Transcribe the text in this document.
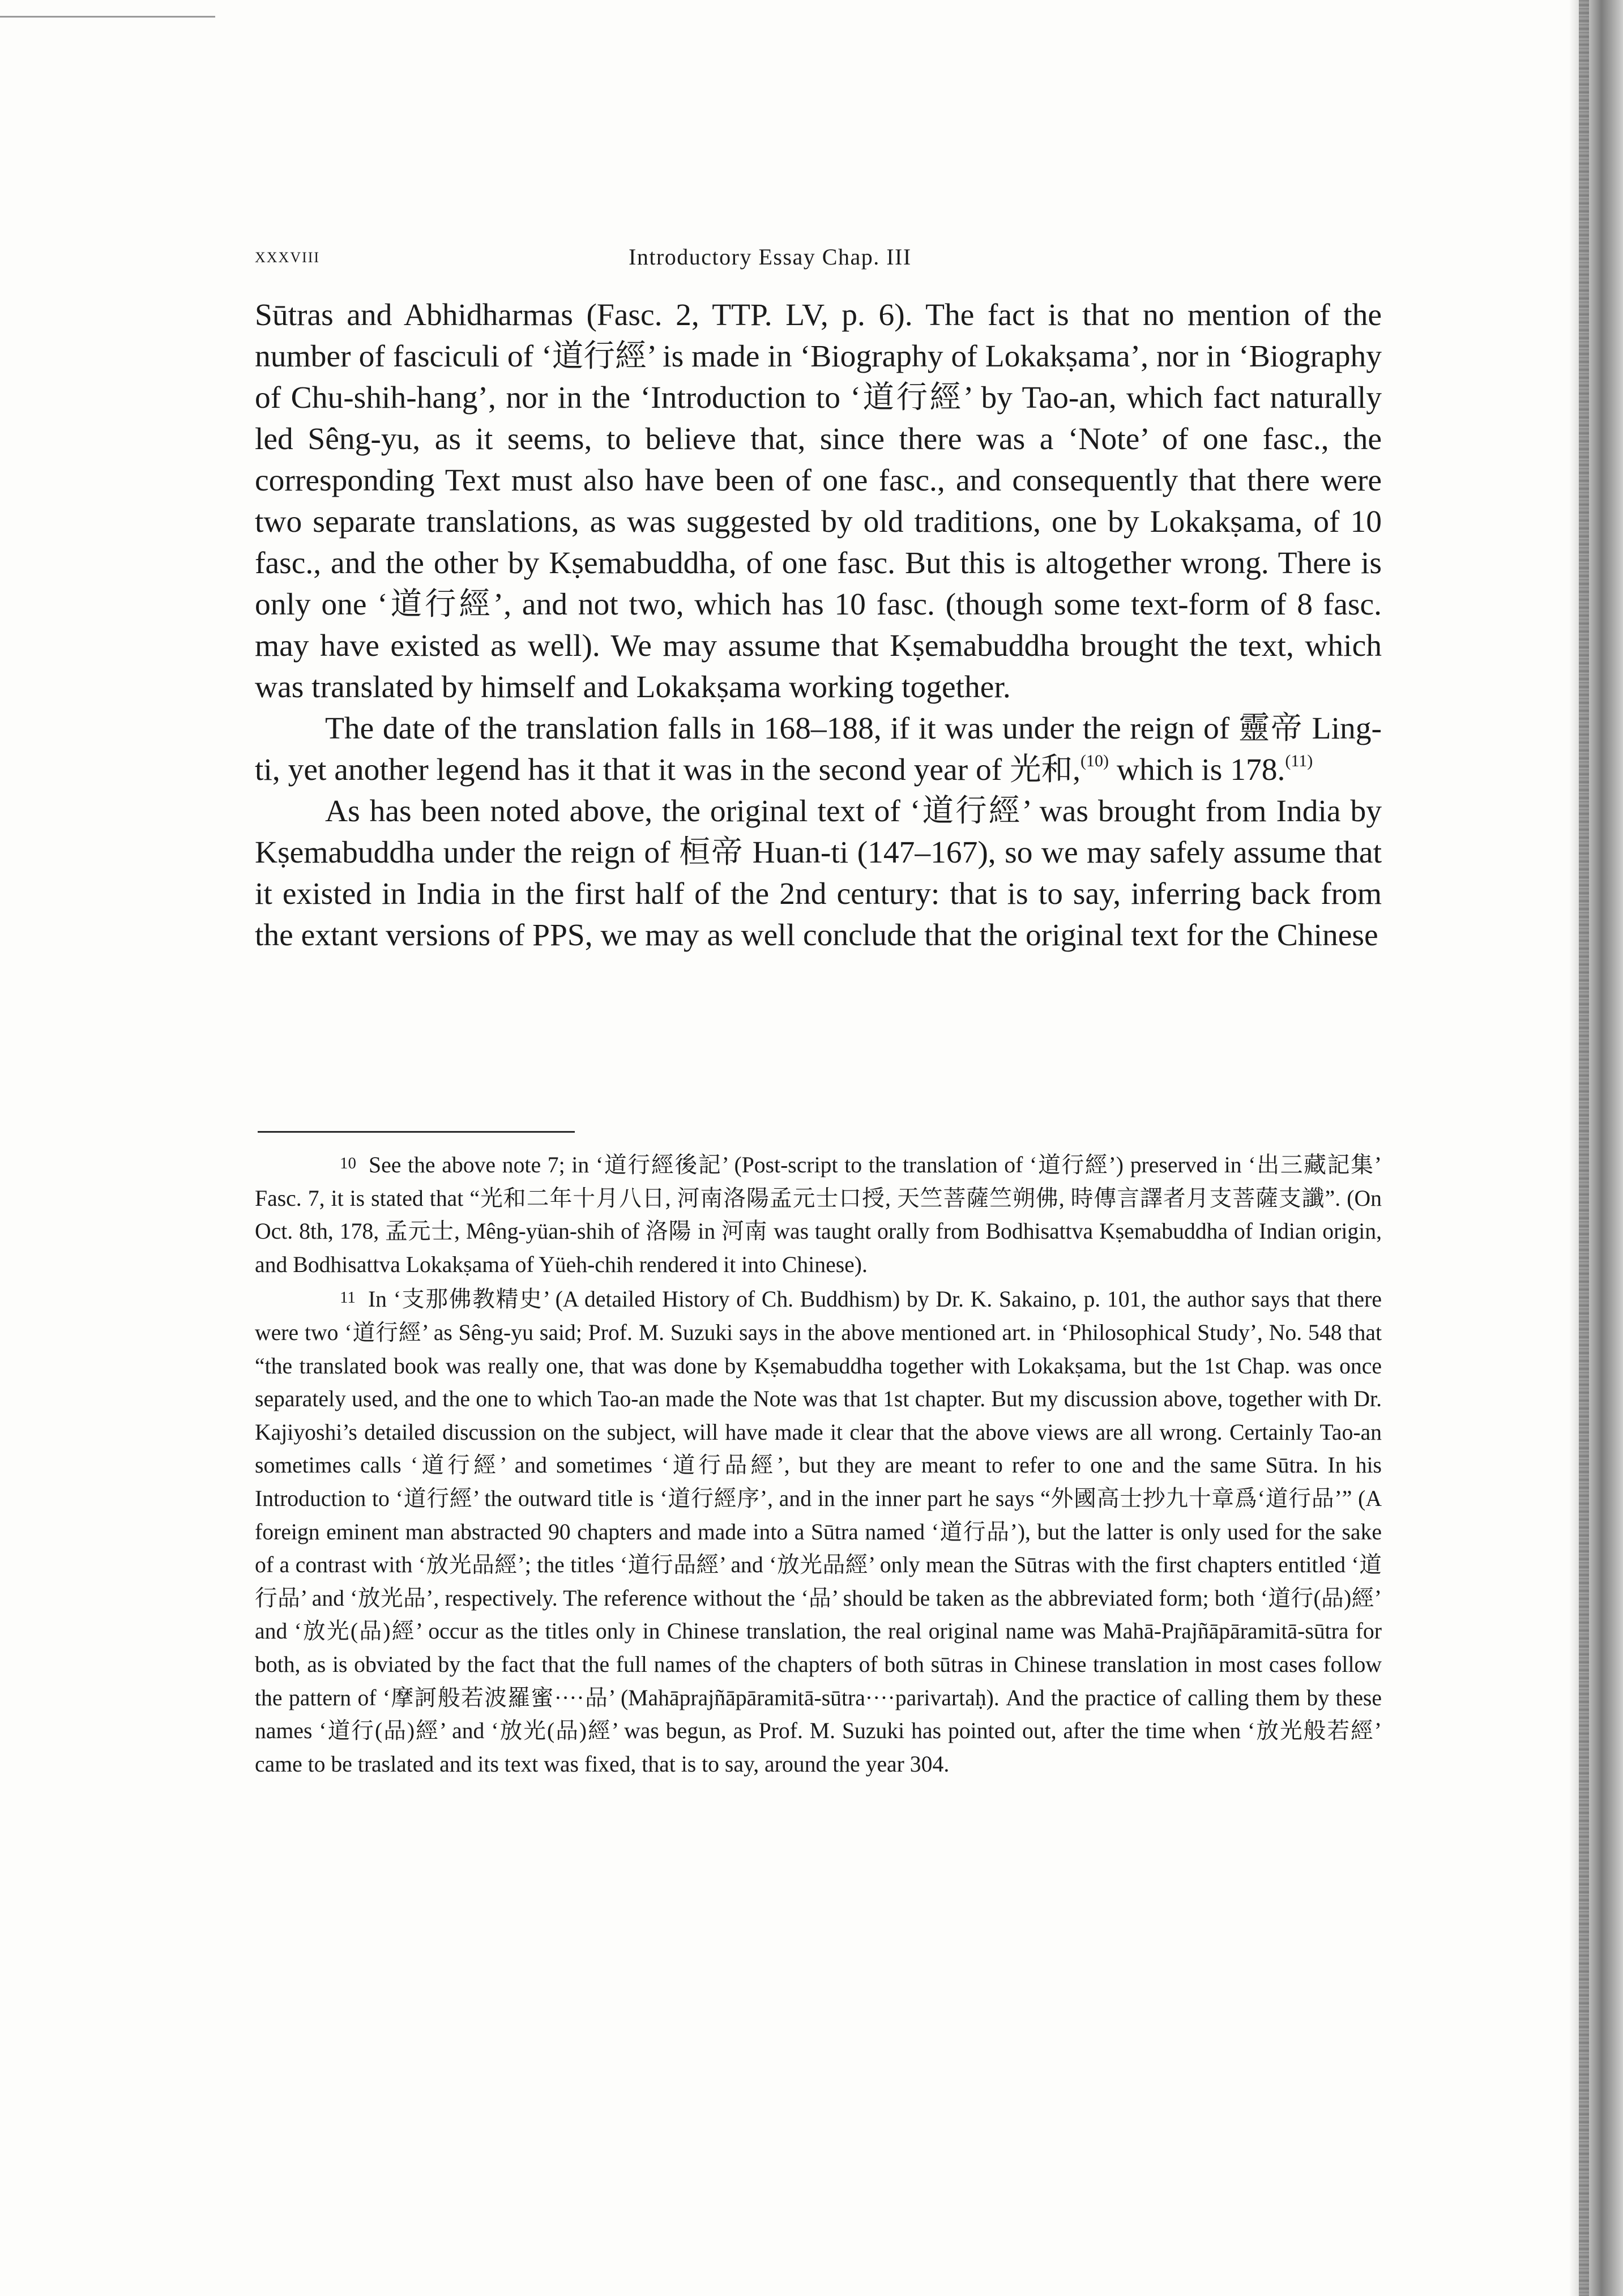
xxxviii	Introductory Essay Chap. III

Sūtras and Abhidharmas (Fasc. 2, TTP. LV, p. 6). The fact is that no mention of the number of fasciculi of ‘道行經’ is made in ‘Biography of Lokakṣama’, nor in ‘Biography of Chu-shih-hang’, nor in the ‘Introduction to ‘道行經’ by Tao-an, which fact naturally led Sêng-yu, as it seems, to believe that, since there was a ‘Note’ of one fasc., the corresponding Text must also have been of one fasc., and consequently that there were two separate translations, as was suggested by old traditions, one by Lokakṣama, of 10 fasc., and the other by Kṣemabuddha, of one fasc. But this is altogether wrong. There is only one ‘道行經’, and not two, which has 10 fasc. (though some text-form of 8 fasc. may have existed as well). We may assume that Kṣemabuddha brought the text, which was translated by himself and Lokakṣama working together.

The date of the translation falls in 168–188, if it was under the reign of 靈帝 Ling-ti, yet another legend has it that it was in the second year of 光和,$^{(10)}$ which is 178.$^{(11)}$

As has been noted above, the original text of ‘道行經’ was brought from India by Kṣemabuddha under the reign of 桓帝 Huan-ti (147–167), so we may safely assume that it existed in India in the first half of the 2nd century: that is to say, inferring back from the extant versions of PPS, we may as well conclude that the original text for the Chinese

10 See the above note 7; in ‘道行經後記’ (Post-script to the translation of ‘道行經’) preserved in ‘出三藏記集’ Fasc. 7, it is stated that “光和二年十月八日, 河南洛陽孟元士口授, 天竺菩薩竺朔佛, 時傳言譯者月支菩薩支讖”. (On Oct. 8th, 178, 孟元士, Mêng-yüan-shih of 洛陽 in 河南 was taught orally from Bodhisattva Kṣemabuddha of Indian origin, and Bodhisattva Lokakṣama of Yüeh-chih rendered it into Chinese).

11 In ‘支那佛教精史’ (A detailed History of Ch. Buddhism) by Dr. K. Sakaino, p. 101, the author says that there were two ‘道行經’ as Sêng-yu said; Prof. M. Suzuki says in the above mentioned art. in ‘Philosophical Study’, No. 548 that “the translated book was really one, that was done by Kṣemabuddha together with Lokakṣama, but the 1st Chap. was once separately used, and the one to which Tao-an made the Note was that 1st chapter. But my discussion above, together with Dr. Kajiyoshi’s detailed discussion on the subject, will have made it clear that the above views are all wrong. Certainly Tao-an sometimes calls ‘道行經’ and sometimes ‘道行品經’, but they are meant to refer to one and the same Sūtra. In his Introduction to ‘道行經’ the outward title is ‘道行經序’, and in the inner part he says “外國高士抄九十章爲‘道行品’” (A foreign eminent man abstracted 90 chapters and made into a Sūtra named ‘道行品’), but the latter is only used for the sake of a contrast with ‘放光品經’; the titles ‘道行品經’ and ‘放光品經’ only mean the Sūtras with the first chapters entitled ‘道行品’ and ‘放光品’, respectively. The reference without the ‘品’ should be taken as the abbreviated form; both ‘道行(品)經’ and ‘放光(品)經’ occur as the titles only in Chinese translation, the real original name was Mahā-Prajñāpāramitā-sūtra for both, as is obviated by the fact that the full names of the chapters of both sūtras in Chinese translation in most cases follow the pattern of ‘摩訶般若波羅蜜····品’ (Mahāprajñāpāramitā-sūtra····parivartaḥ). And the practice of calling them by these names ‘道行(品)經’ and ‘放光(品)經’ was begun, as Prof. M. Suzuki has pointed out, after the time when ‘放光般若經’ came to be traslated and its text was fixed, that is to say, around the year 304.
